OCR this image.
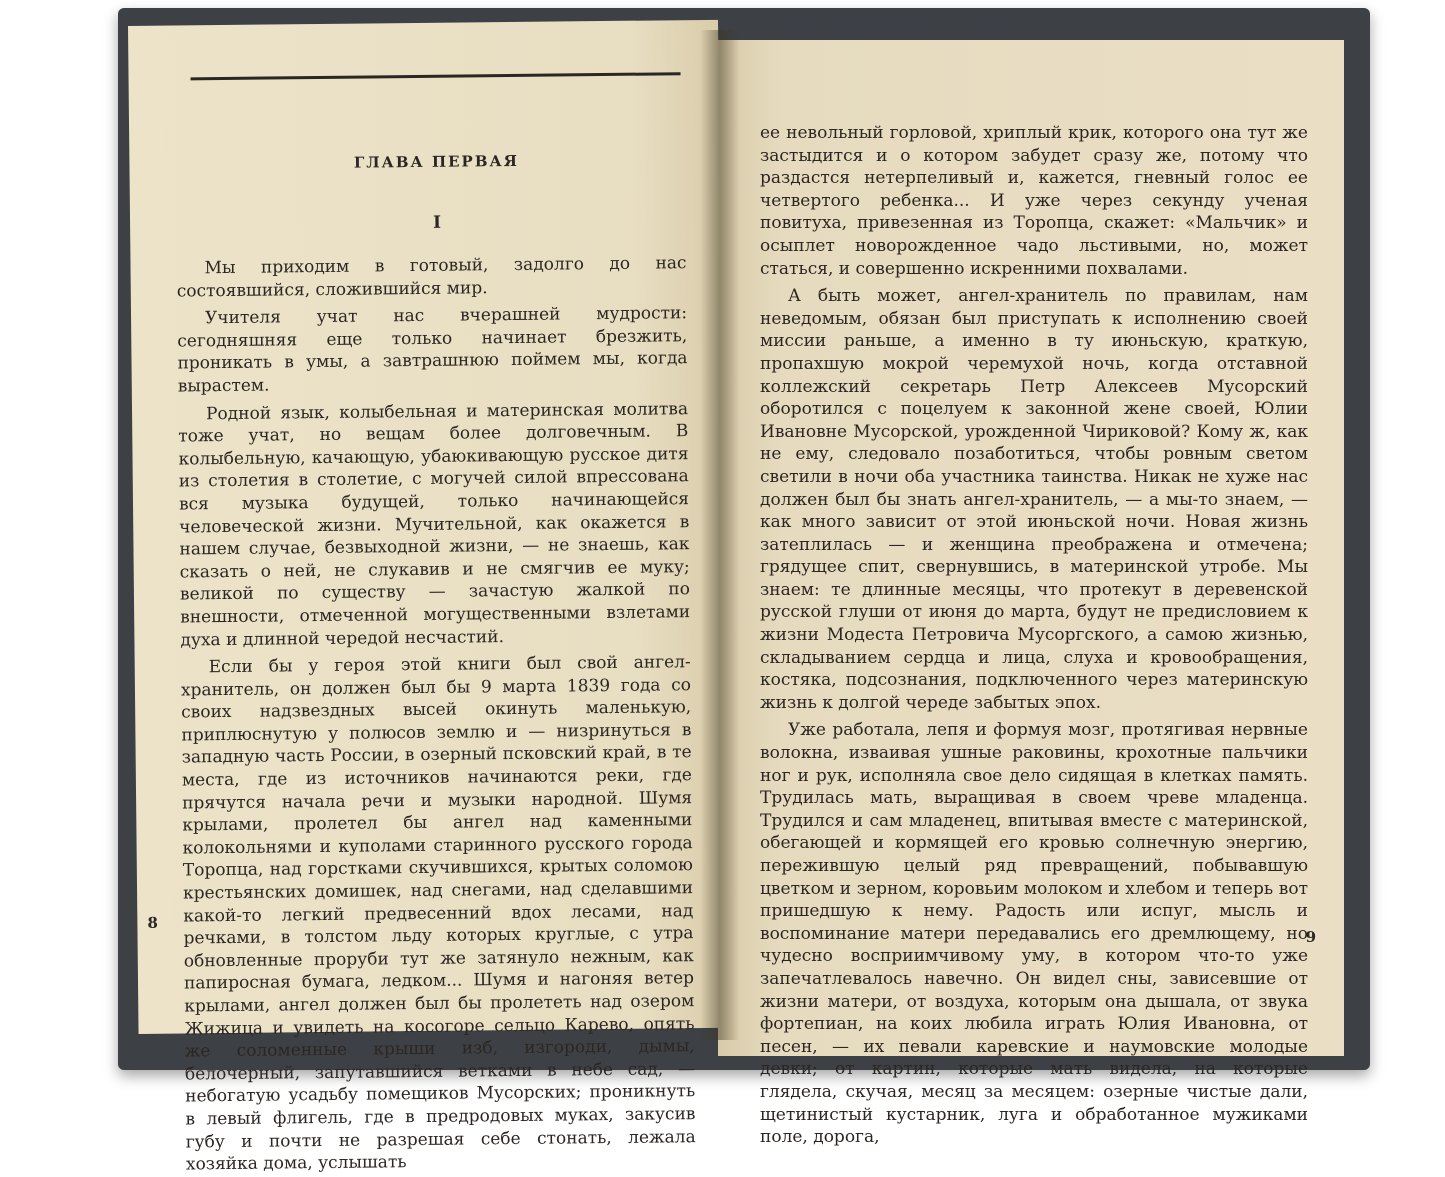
ГЛАВА ПЕРВАЯ
I

Мы приходим в готовый, задолго до нас состоявшийся, сложившийся мир.

Учителя учат нас вчерашней мудрости: сегодняшняя еще только начинает брезжить, проникать в умы, а завтрашнюю поймем мы, когда вырастем.

Родной язык, колыбельная и материнская молитва тоже учат, но вещам более долговечным. В колыбельную, качающую, убаюкивающую русское дитя из столетия в столетие, с могучей силой впрессована вся музыка будущей, только начинающейся человеческой жизни. Мучительной, как окажется в нашем случае, безвыходной жизни, — не знаешь, как сказать о ней, не слукавив и не смягчив ее муку; великой по существу — зачастую жалкой по внешности, отмеченной могущественными взлетами духа и длинной чередой несчастий.

Если бы у героя этой книги был свой ангел-хранитель, он должен был бы 9 марта 1839 года со своих надзвездных высей окинуть маленькую, приплюснутую у полюсов землю и — низринуться в западную часть России, в озерный псковский край, в те места, где из источников начинаются реки, где прячутся начала речи и музыки народной. Шумя крылами, пролетел бы ангел над каменными колокольнями и куполами старинного русского города Торопца, над горстками скучившихся, крытых соломою крестьянских домишек, над снегами, над сделавшими какой-то легкий предвесенний вдох лесами, над речками, в толстом льду которых круглые, с утра обновленные проруби тут же затянуло нежным, как папиросная бумага, ледком... Шумя и нагоняя ветер крылами, ангел должен был бы пролететь над озером Жижица и увидеть на косогоре сельцо Карево, опять же соломенные крыши изб, изгороди, дымы, белочерный, запутавшийся ветками в небе сад, — небогатую усадьбу помещиков Мусорских; проникнуть в левый флигель, где в предродовых муках, закусив губу и почти не разрешая себе стонать, лежала хозяйка дома, услышать

8

ее невольный горловой, хриплый крик, которого она тут же застыдится и о котором забудет сразу же, потому что раздастся нетерпеливый и, кажется, гневный голос ее четвертого ребенка... И уже через секунду ученая повитуха, привезенная из Торопца, скажет: «Мальчик» и осыплет новорожденное чадо льстивыми, но, может статься, и совершенно искренними похвалами.

А быть может, ангел-хранитель по правилам, нам неведомым, обязан был приступать к исполнению своей миссии раньше, а именно в ту июньскую, краткую, пропахшую мокрой черемухой ночь, когда отставной коллежский секретарь Петр Алексеев Мусорский оборотился с поцелуем к законной жене своей, Юлии Ивановне Мусорской, урожденной Чириковой? Кому ж, как не ему, следовало позаботиться, чтобы ровным светом светили в ночи оба участника таинства. Никак не хуже нас должен был бы знать ангел-хранитель, — а мы-то знаем, — как много зависит от этой июньской ночи. Новая жизнь затеплилась — и женщина преображена и отмечена; грядущее спит, свернувшись, в материнской утробе. Мы знаем: те длинные месяцы, что протекут в деревенской русской глуши от июня до марта, будут не предисловием к жизни Модеста Петровича Мусоргского, а самою жизнью, складыванием сердца и лица, слуха и кровообращения, костяка, подсознания, подключенного через материнскую жизнь к долгой череде забытых эпох.

Уже работала, лепя и формуя мозг, протягивая нервные волокна, изваивая ушные раковины, крохотные пальчики ног и рук, исполняла свое дело сидящая в клетках память. Трудилась мать, выращивая в своем чреве младенца. Трудился и сам младенец, впитывая вместе с материнской, обегающей и кормящей его кровью солнечную энергию, пережившую целый ряд превращений, побывавшую цветком и зерном, коровьим молоком и хлебом и теперь вот пришедшую к нему. Радость или испуг, мысль и воспоминание матери передавались его дремлющему, но чудесно восприимчивому уму, в котором что-то уже запечатлевалось навечно. Он видел сны, зависевшие от жизни матери, от воздуха, которым она дышала, от звука фортепиан, на коих любила играть Юлия Ивановна, от песен, — их певали каревские и наумовские молодые девки; от картин, которые мать видела, на которые глядела, скучая, месяц за месяцем: озерные чистые дали, щетинистый кустарник, луга и обработанное мужиками поле, дорога,

9
